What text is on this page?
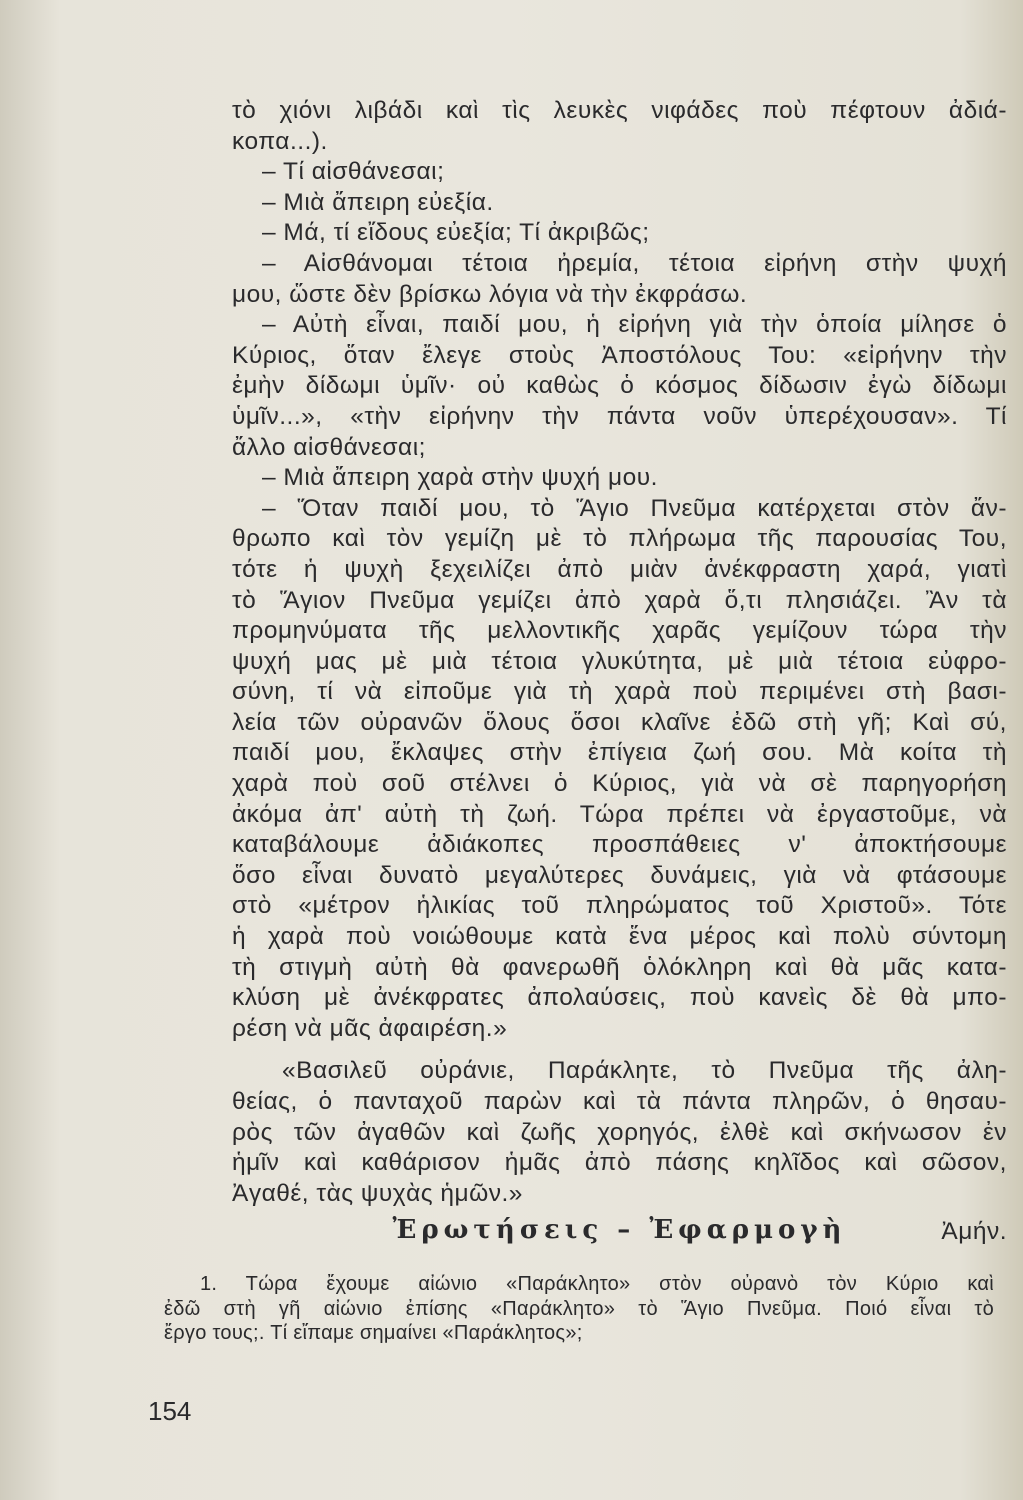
τὸ χιόνι λιβάδι καὶ τὶς λευκὲς νιφάδες ποὺ πέφτουν ἀδιά-
κοπα...).
– Τί αἰσθάνεσαι;
– Μιὰ ἄπειρη εὐεξία.
– Μά, τί εἴδους εὐεξία; Τί ἀκριβῶς;
– Αἰσθάνομαι τέτοια ἠρεμία, τέτοια εἰρήνη στὴν ψυχή
μου, ὥστε δὲν βρίσκω λόγια νὰ τὴν ἐκφράσω.
– Αὐτὴ εἶναι, παιδί μου, ἡ εἰρήνη γιὰ τὴν ὁποία μίλησε ὁ
Κύριος, ὅταν ἔλεγε στοὺς Ἀποστόλους Του: «εἰρήνην τὴν
ἐμὴν δίδωμι ὑμῖν· οὐ καθὼς ὁ κόσμος δίδωσιν ἐγὼ δίδωμι
ὑμῖν...», «τὴν εἰρήνην τὴν πάντα νοῦν ὑπερέχουσαν». Τί
ἄλλο αἰσθάνεσαι;
– Μιὰ ἄπειρη χαρὰ στὴν ψυχή μου.
– Ὅταν παιδί μου, τὸ Ἅγιο Πνεῦμα κατέρχεται στὸν ἄν-
θρωπο καὶ τὸν γεμίζη μὲ τὸ πλήρωμα τῆς παρουσίας Του,
τότε ἡ ψυχὴ ξεχειλίζει ἀπὸ μιὰν ἀνέκφραστη χαρά, γιατὶ
τὸ Ἅγιον Πνεῦμα γεμίζει ἀπὸ χαρὰ ὅ,τι πλησιάζει. Ἂν τὰ
προμηνύματα τῆς μελλοντικῆς χαρᾶς γεμίζουν τώρα τὴν
ψυχή μας μὲ μιὰ τέτοια γλυκύτητα, μὲ μιὰ τέτοια εὐφρο-
σύνη, τί νὰ εἰποῦμε γιὰ τὴ χαρὰ ποὺ περιμένει στὴ βασι-
λεία τῶν οὐρανῶν ὅλους ὅσοι κλαῖνε ἐδῶ στὴ γῆ; Καὶ σύ,
παιδί μου, ἔκλαψες στὴν ἐπίγεια ζωή σου. Μὰ κοίτα τὴ
χαρὰ ποὺ σοῦ στέλνει ὁ Κύριος, γιὰ νὰ σὲ παρηγορήση
ἀκόμα ἀπ' αὐτὴ τὴ ζωή. Τώρα πρέπει νὰ ἐργαστοῦμε, νὰ
καταβάλουμε ἀδιάκοπες προσπάθειες ν' ἀποκτήσουμε
ὅσο εἶναι δυνατὸ μεγαλύτερες δυνάμεις, γιὰ νὰ φτάσουμε
στὸ «μέτρον ἡλικίας τοῦ πληρώματος τοῦ Χριστοῦ». Τότε
ἡ χαρὰ ποὺ νοιώθουμε κατὰ ἕνα μέρος καὶ πολὺ σύντομη
τὴ στιγμὴ αὐτὴ θὰ φανερωθῆ ὁλόκληρη καὶ θὰ μᾶς κατα-
κλύση μὲ ἀνέκφρατες ἀπολαύσεις, ποὺ κανεὶς δὲ θὰ μπο-
ρέση νὰ μᾶς ἀφαιρέση.»
«Βασιλεῦ οὐράνιε, Παράκλητε, τὸ Πνεῦμα τῆς ἀλη-
θείας, ὁ πανταχοῦ παρὼν καὶ τὰ πάντα πληρῶν, ὁ θησαυ-
ρὸς τῶν ἀγαθῶν καὶ ζωῆς χορηγός, ἐλθὲ καὶ σκήνωσον ἐν
ἡμῖν καὶ καθάρισον ἡμᾶς ἀπὸ πάσης κηλῖδος καὶ σῶσον,
Ἀγαθέ, τὰς ψυχὰς ἡμῶν.»
Ἀμήν.
Ἐρωτήσεις – Ἐφαρμογὴ
1. Τώρα ἔχουμε αἰώνιο «Παράκλητο» στὸν οὐρανὸ τὸν Κύριο καὶ
ἐδῶ στὴ γῆ αἰώνιο ἐπίσης «Παράκλητο» τὸ Ἅγιο Πνεῦμα. Ποιό εἶναι τὸ
ἔργο τους;. Τί εἴπαμε σημαίνει «Παράκλητος»;
154
